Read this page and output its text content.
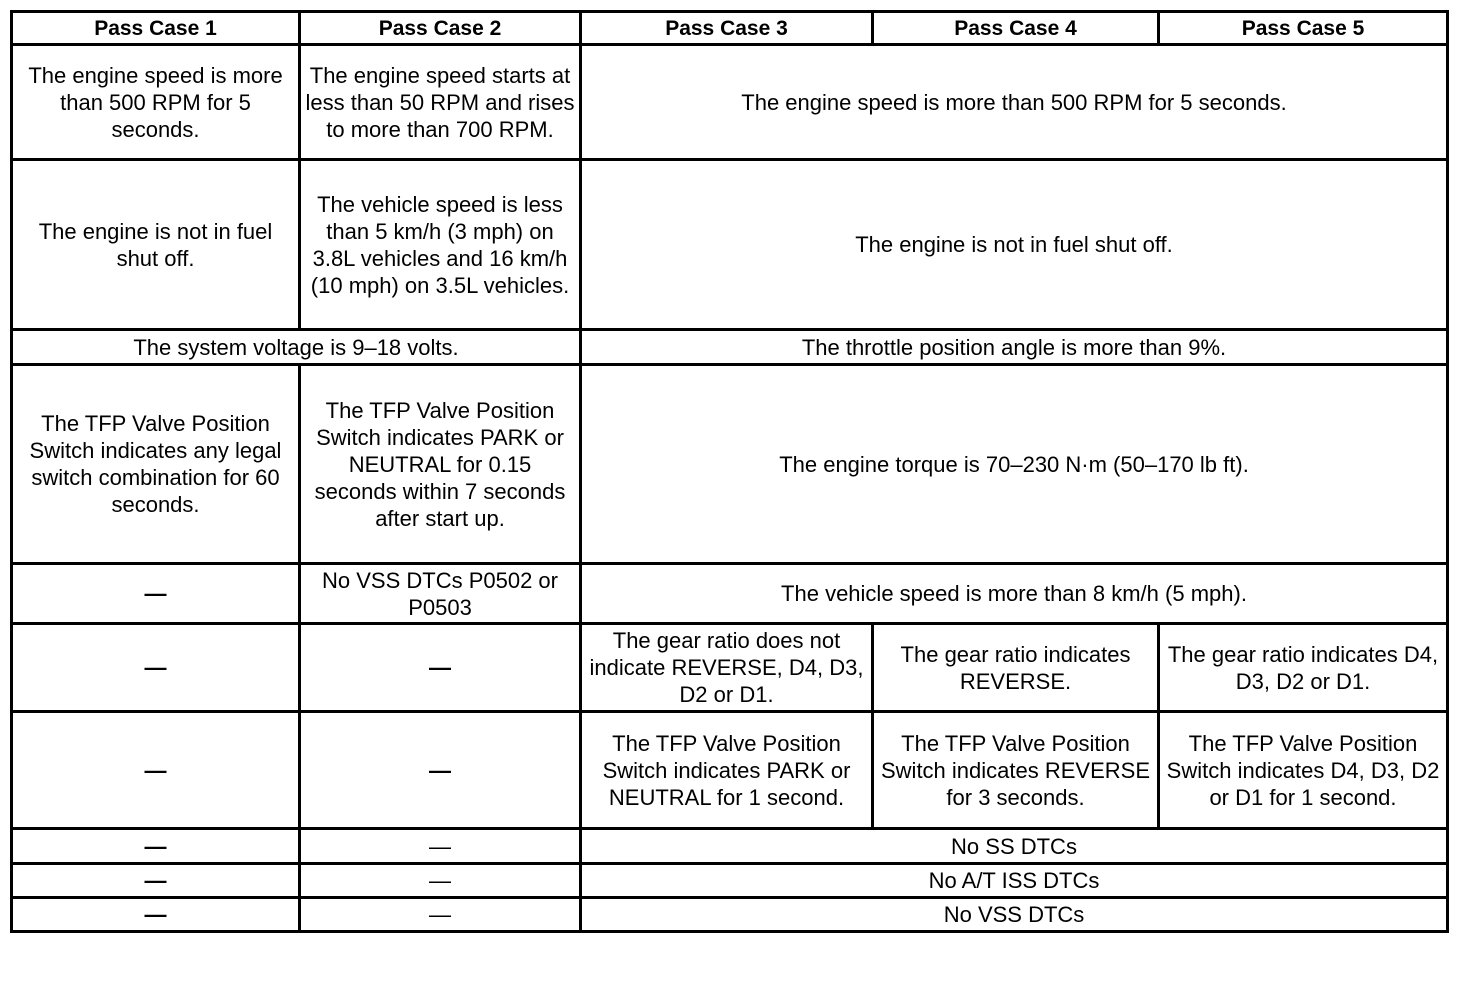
Pass Case 1	Pass Case 2	Pass Case 3	Pass Case 4	Pass Case 5
The engine speed is more than 500 RPM for 5 seconds.	The engine speed starts at less than 50 RPM and rises to more than 700 RPM.	The engine speed is more than 500 RPM for 5 seconds.		
The engine is not in fuel shut off.	The vehicle speed is less than 5 km/h (3 mph) on 3.8L vehicles and 16 km/h (10 mph) on 3.5L vehicles.	The engine is not in fuel shut off.		
The system voltage is 9–18 volts.		The throttle position angle is more than 9%.		
The TFP Valve Position Switch indicates any legal switch combination for 60 seconds.	The TFP Valve Position Switch indicates PARK or NEUTRAL for 0.15 seconds within 7 seconds after start up.	The engine torque is 70–230 N·m (50–170 lb ft).		
—	No VSS DTCs P0502 or P0503	The vehicle speed is more than 8 km/h (5 mph).		
—	—	The gear ratio does not indicate REVERSE, D4, D3, D2 or D1.	The gear ratio indicates REVERSE.	The gear ratio indicates D4, D3, D2 or D1.
—	—	The TFP Valve Position Switch indicates PARK or NEUTRAL for 1 second.	The TFP Valve Position Switch indicates REVERSE for 3 seconds.	The TFP Valve Position Switch indicates D4, D3, D2 or D1 for 1 second.
—	—	No SS DTCs		
—	—	No A/T ISS DTCs		
—	—	No VSS DTCs		
